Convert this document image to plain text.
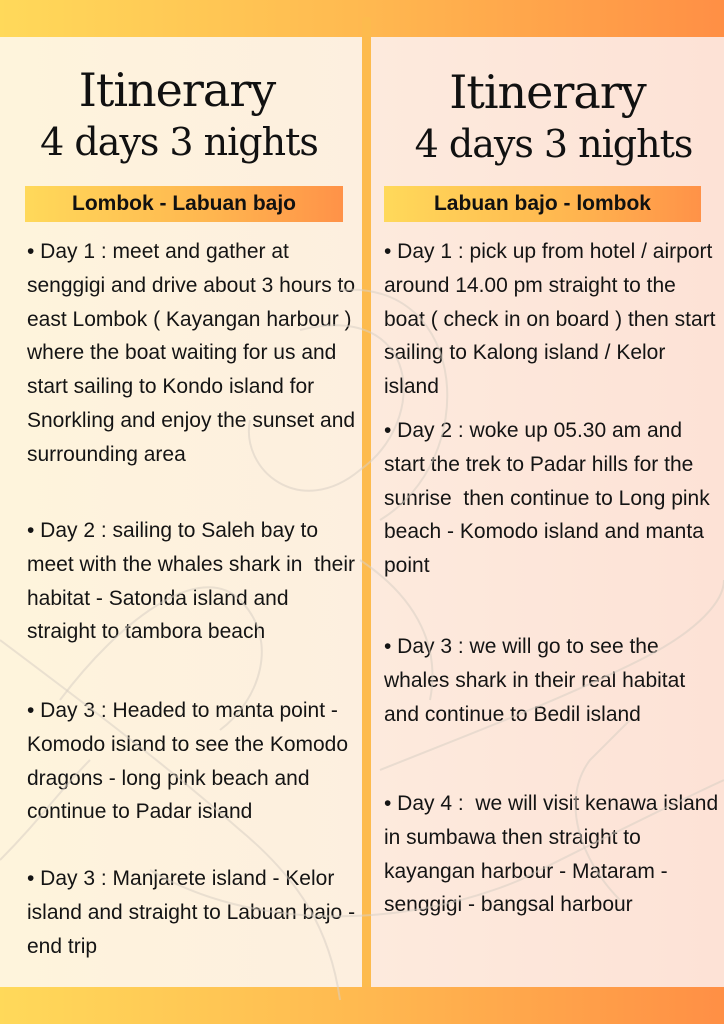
Itinerary
4 days 3 nights
Lombok - Labuan bajo
• Day 1 : meet and gather at senggigi and drive about 3 hours to east Lombok ( Kayangan harbour ) where the boat waiting for us and start sailing to Kondo island for Snorkling and enjoy the sunset and surrounding area
• Day 2 : sailing to Saleh bay to meet with the whales shark in  their habitat - Satonda island and straight to tambora beach
• Day 3 : Headed to manta point -  Komodo island to see the Komodo dragons - long pink beach and continue to Padar island
• Day 3 : Manjarete island - Kelor island and straight to Labuan bajo - end trip
Itinerary
4 days 3 nights
Labuan bajo - lombok
• Day 1 : pick up from hotel / airport around 14.00 pm straight to the boat ( check in on board ) then start sailing to Kalong island / Kelor island
• Day 2 : woke up 05.30 am and start the trek to Padar hills for the sunrise  then continue to Long pink beach - Komodo island and manta point
• Day 3 : we will go to see the whales shark in their real habitat and continue to Bedil island
• Day 4 :  we will visit kenawa island in sumbawa then straight to kayangan harbour - Mataram - senggigi - bangsal harbour
